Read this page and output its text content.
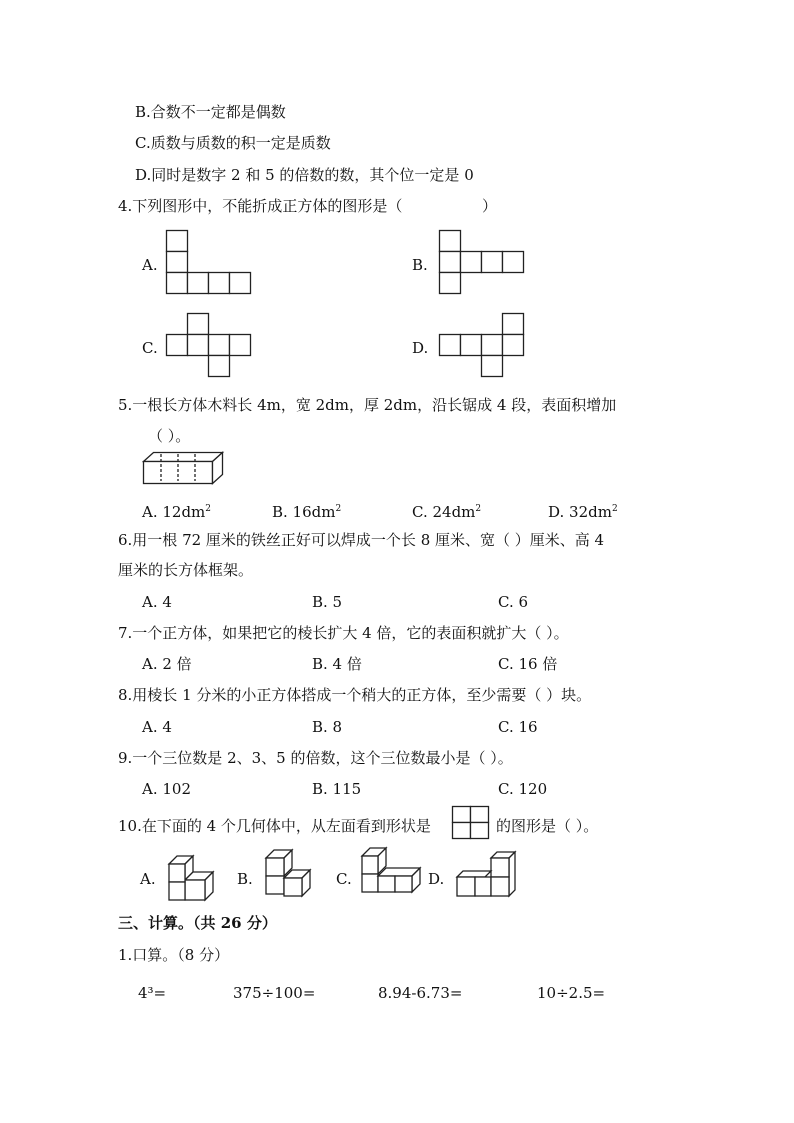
B.合数不一定都是偶数
C.质数与质数的积一定是质数
D.同时是数字 2 和 5 的倍数的数，其个位一定是 0
4.下列图形中，不能折成正方体的图形是（	）
A.	B.
C.	D.
5.一根长方体木料长 4m，宽 2dm，厚 2dm，沿长锯成 4 段，表面积增加
（ ）。
A. $12dm^2$	B. $16dm^2$	C. $24dm^2$	D. $32dm^2$
6.用一根 72 厘米的铁丝正好可以焊成一个长 8 厘米、宽（ ）厘米、高 4
厘米的长方体框架。
A. 4	B. 5	C. 6
7.一个正方体，如果把它的棱长扩大 4 倍，它的表面积就扩大（ ）。
A. 2 倍	B. 4 倍	C. 16 倍
8.用棱长 1 分米的小正方体搭成一个稍大的正方体，至少需要（ ）块。
A. 4	B. 8	C. 16
9.一个三位数是 2、3、5 的倍数，这个三位数最小是（ ）。
A. 102	B. 115	C. 120
10.在下面的 4 个几何体中，从左面看到形状是	的图形是（ ）。
A.	B.	C.	D.
三、计算。（共 26 分）
1.口算。（8 分）
4³=	375÷100=	8.94-6.73=	10÷2.5=
